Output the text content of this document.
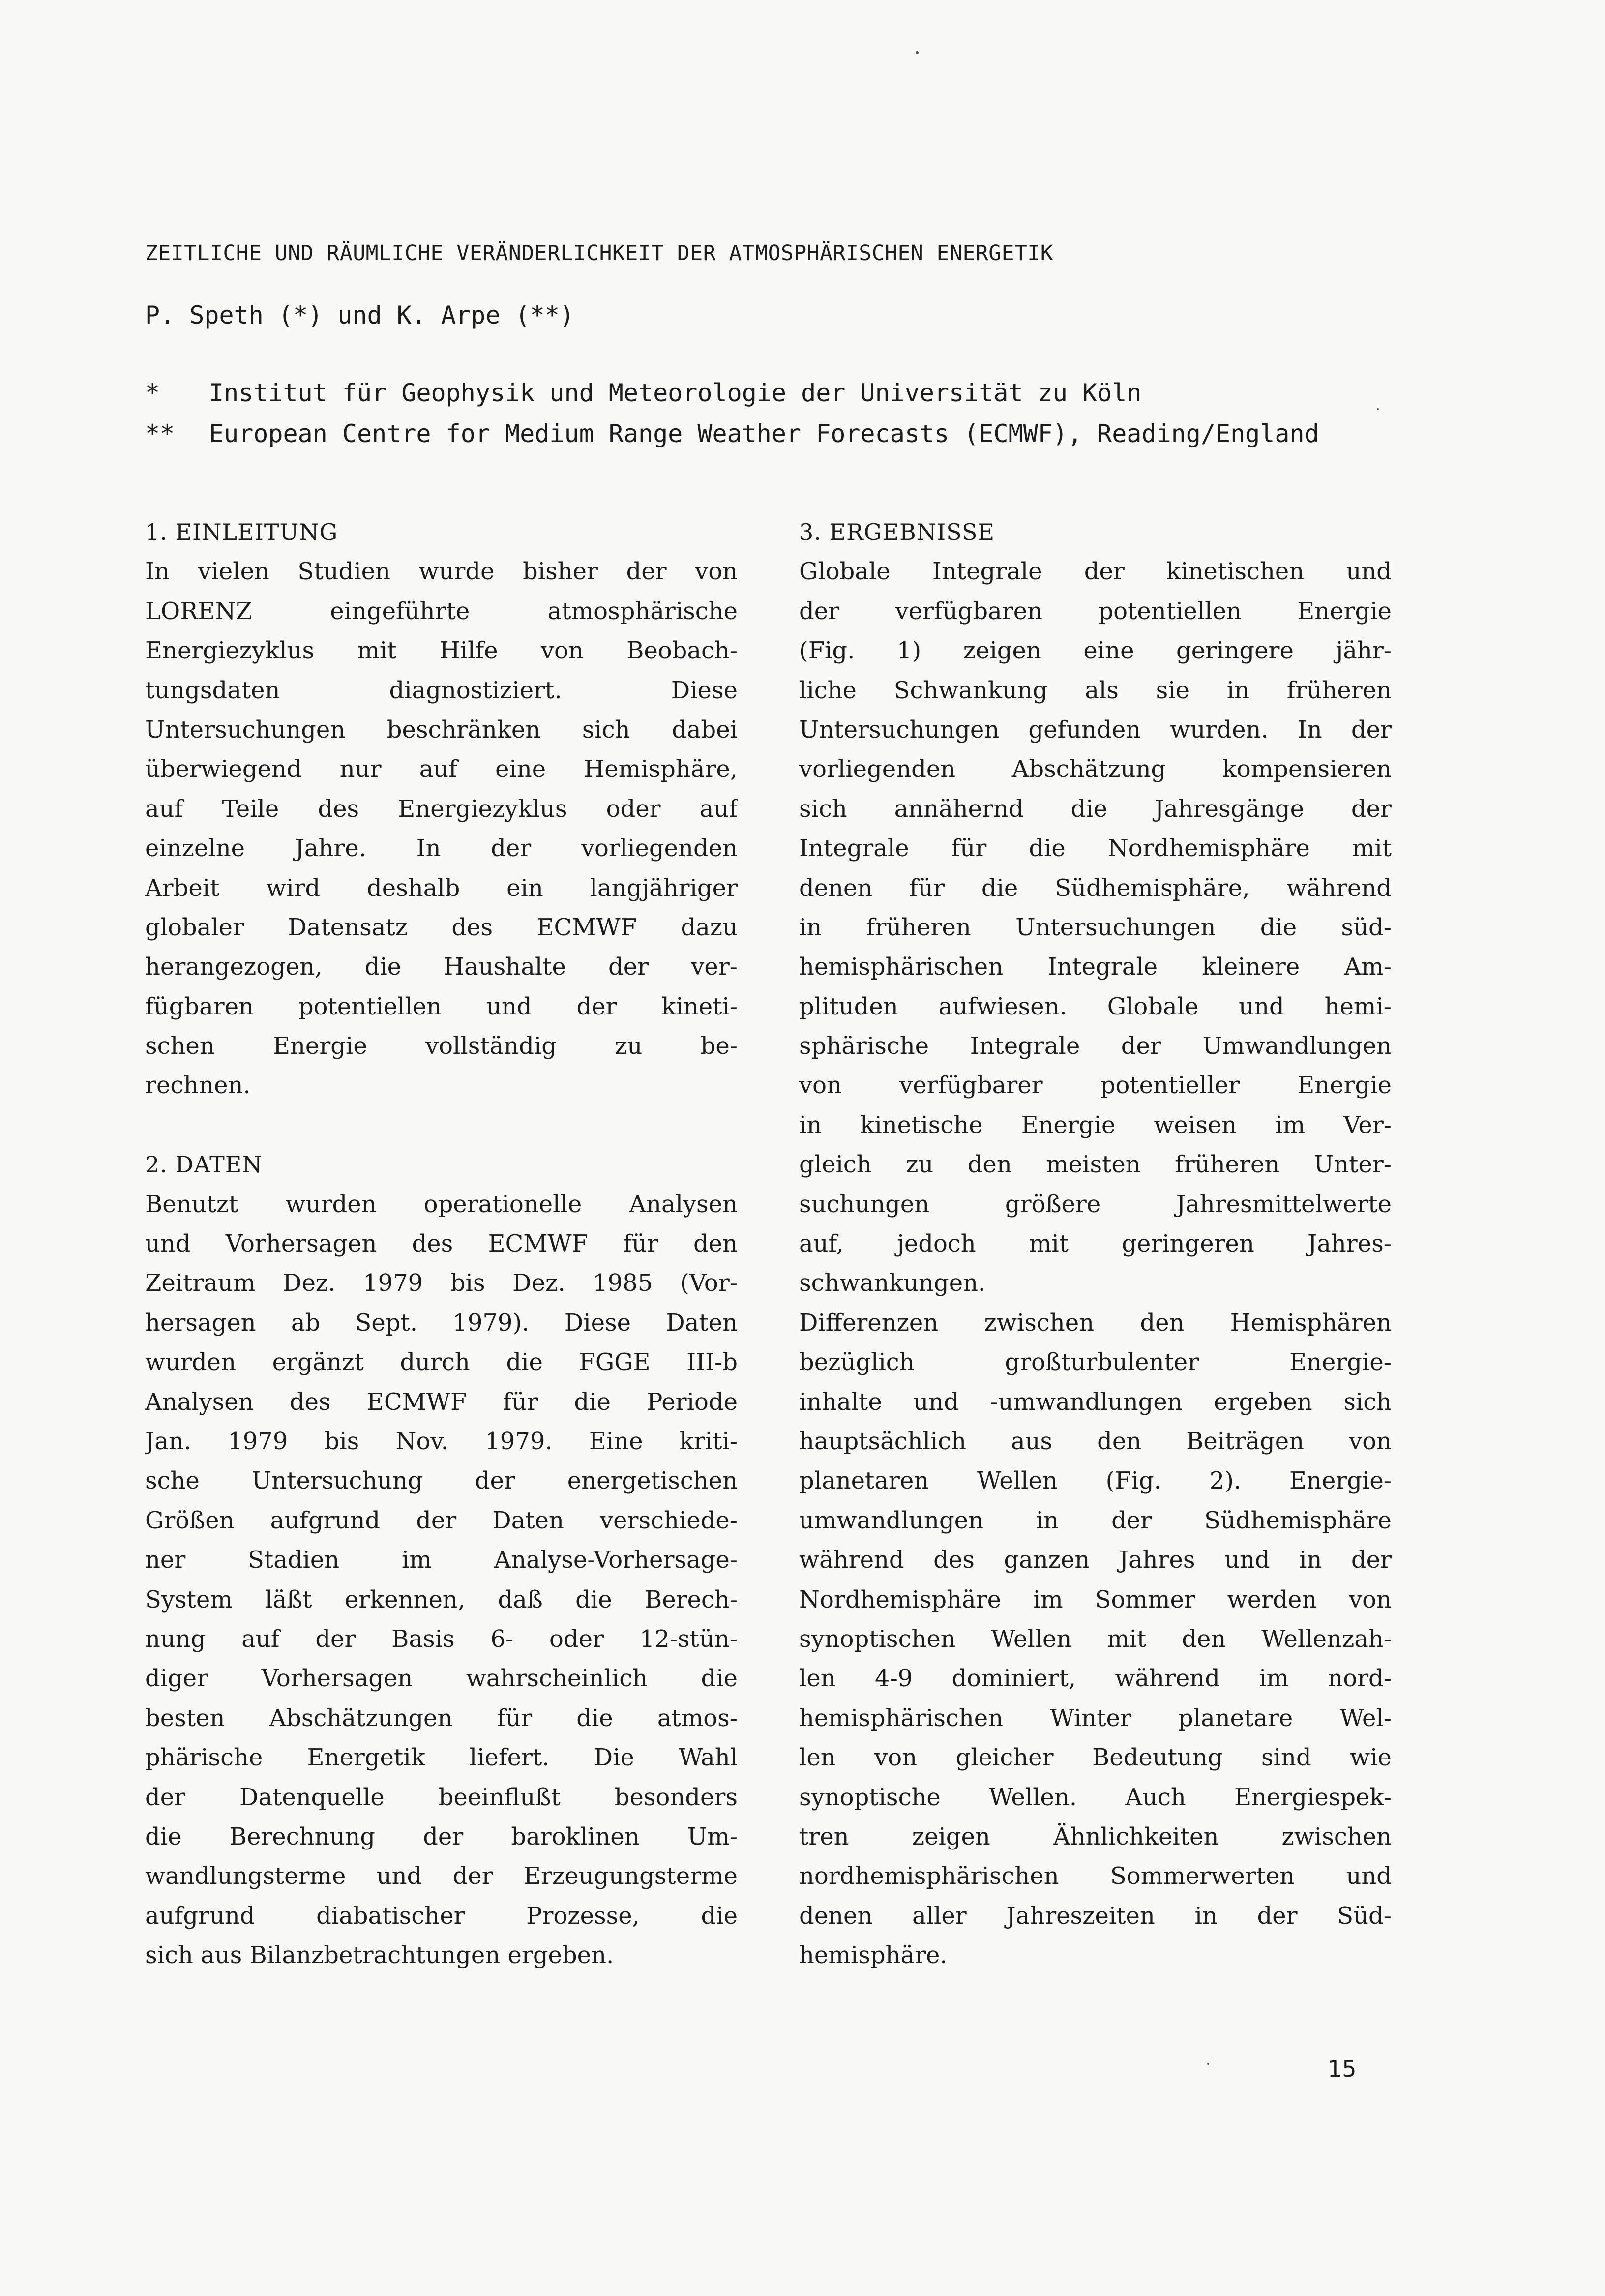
ZEITLICHE UND RÄUMLICHE VERÄNDERLICHKEIT DER ATMOSPHÄRISCHEN ENERGETIK
P. Speth (*) und K. Arpe (**)
*	Institut für Geophysik und Meteorologie der Universität zu Köln
**	European Centre for Medium Range Weather Forecasts (ECMWF), Reading/England
1. EINLEITUNG
In vielen Studien wurde bisher der von
LORENZ eingeführte atmosphärische
Energiezyklus mit Hilfe von Beobach-
tungsdaten diagnostiziert. Diese
Untersuchungen beschränken sich dabei
überwiegend nur auf eine Hemisphäre,
auf Teile des Energiezyklus oder auf
einzelne Jahre. In der vorliegenden
Arbeit wird deshalb ein langjähriger
globaler Datensatz des ECMWF dazu
herangezogen, die Haushalte der ver-
fügbaren potentiellen und der kineti-
schen Energie vollständig zu be-
rechnen.
2. DATEN
Benutzt wurden operationelle Analysen
und Vorhersagen des ECMWF für den
Zeitraum Dez. 1979 bis Dez. 1985 (Vor-
hersagen ab Sept. 1979). Diese Daten
wurden ergänzt durch die FGGE III-b
Analysen des ECMWF für die Periode
Jan. 1979 bis Nov. 1979. Eine kriti-
sche Untersuchung der energetischen
Größen aufgrund der Daten verschiede-
ner Stadien im Analyse-Vorhersage-
System läßt erkennen, daß die Berech-
nung auf der Basis 6- oder 12-stün-
diger Vorhersagen wahrscheinlich die
besten Abschätzungen für die atmos-
phärische Energetik liefert. Die Wahl
der Datenquelle beeinflußt besonders
die Berechnung der baroklinen Um-
wandlungsterme und der Erzeugungsterme
aufgrund diabatischer Prozesse, die
sich aus Bilanzbetrachtungen ergeben.
3. ERGEBNISSE
Globale Integrale der kinetischen und
der verfügbaren potentiellen Energie
(Fig. 1) zeigen eine geringere jähr-
liche Schwankung als sie in früheren
Untersuchungen gefunden wurden. In der
vorliegenden Abschätzung kompensieren
sich annähernd die Jahresgänge der
Integrale für die Nordhemisphäre mit
denen für die Südhemisphäre, während
in früheren Untersuchungen die süd-
hemisphärischen Integrale kleinere Am-
plituden aufwiesen. Globale und hemi-
sphärische Integrale der Umwandlungen
von verfügbarer potentieller Energie
in kinetische Energie weisen im Ver-
gleich zu den meisten früheren Unter-
suchungen größere Jahresmittelwerte
auf, jedoch mit geringeren Jahres-
schwankungen.
Differenzen zwischen den Hemisphären
bezüglich großturbulenter Energie-
inhalte und -umwandlungen ergeben sich
hauptsächlich aus den Beiträgen von
planetaren Wellen (Fig. 2). Energie-
umwandlungen in der Südhemisphäre
während des ganzen Jahres und in der
Nordhemisphäre im Sommer werden von
synoptischen Wellen mit den Wellenzah-
len 4-9 dominiert, während im nord-
hemisphärischen Winter planetare Wel-
len von gleicher Bedeutung sind wie
synoptische Wellen. Auch Energiespek-
tren zeigen Ähnlichkeiten zwischen
nordhemisphärischen Sommerwerten und
denen aller Jahreszeiten in der Süd-
hemisphäre.
15
